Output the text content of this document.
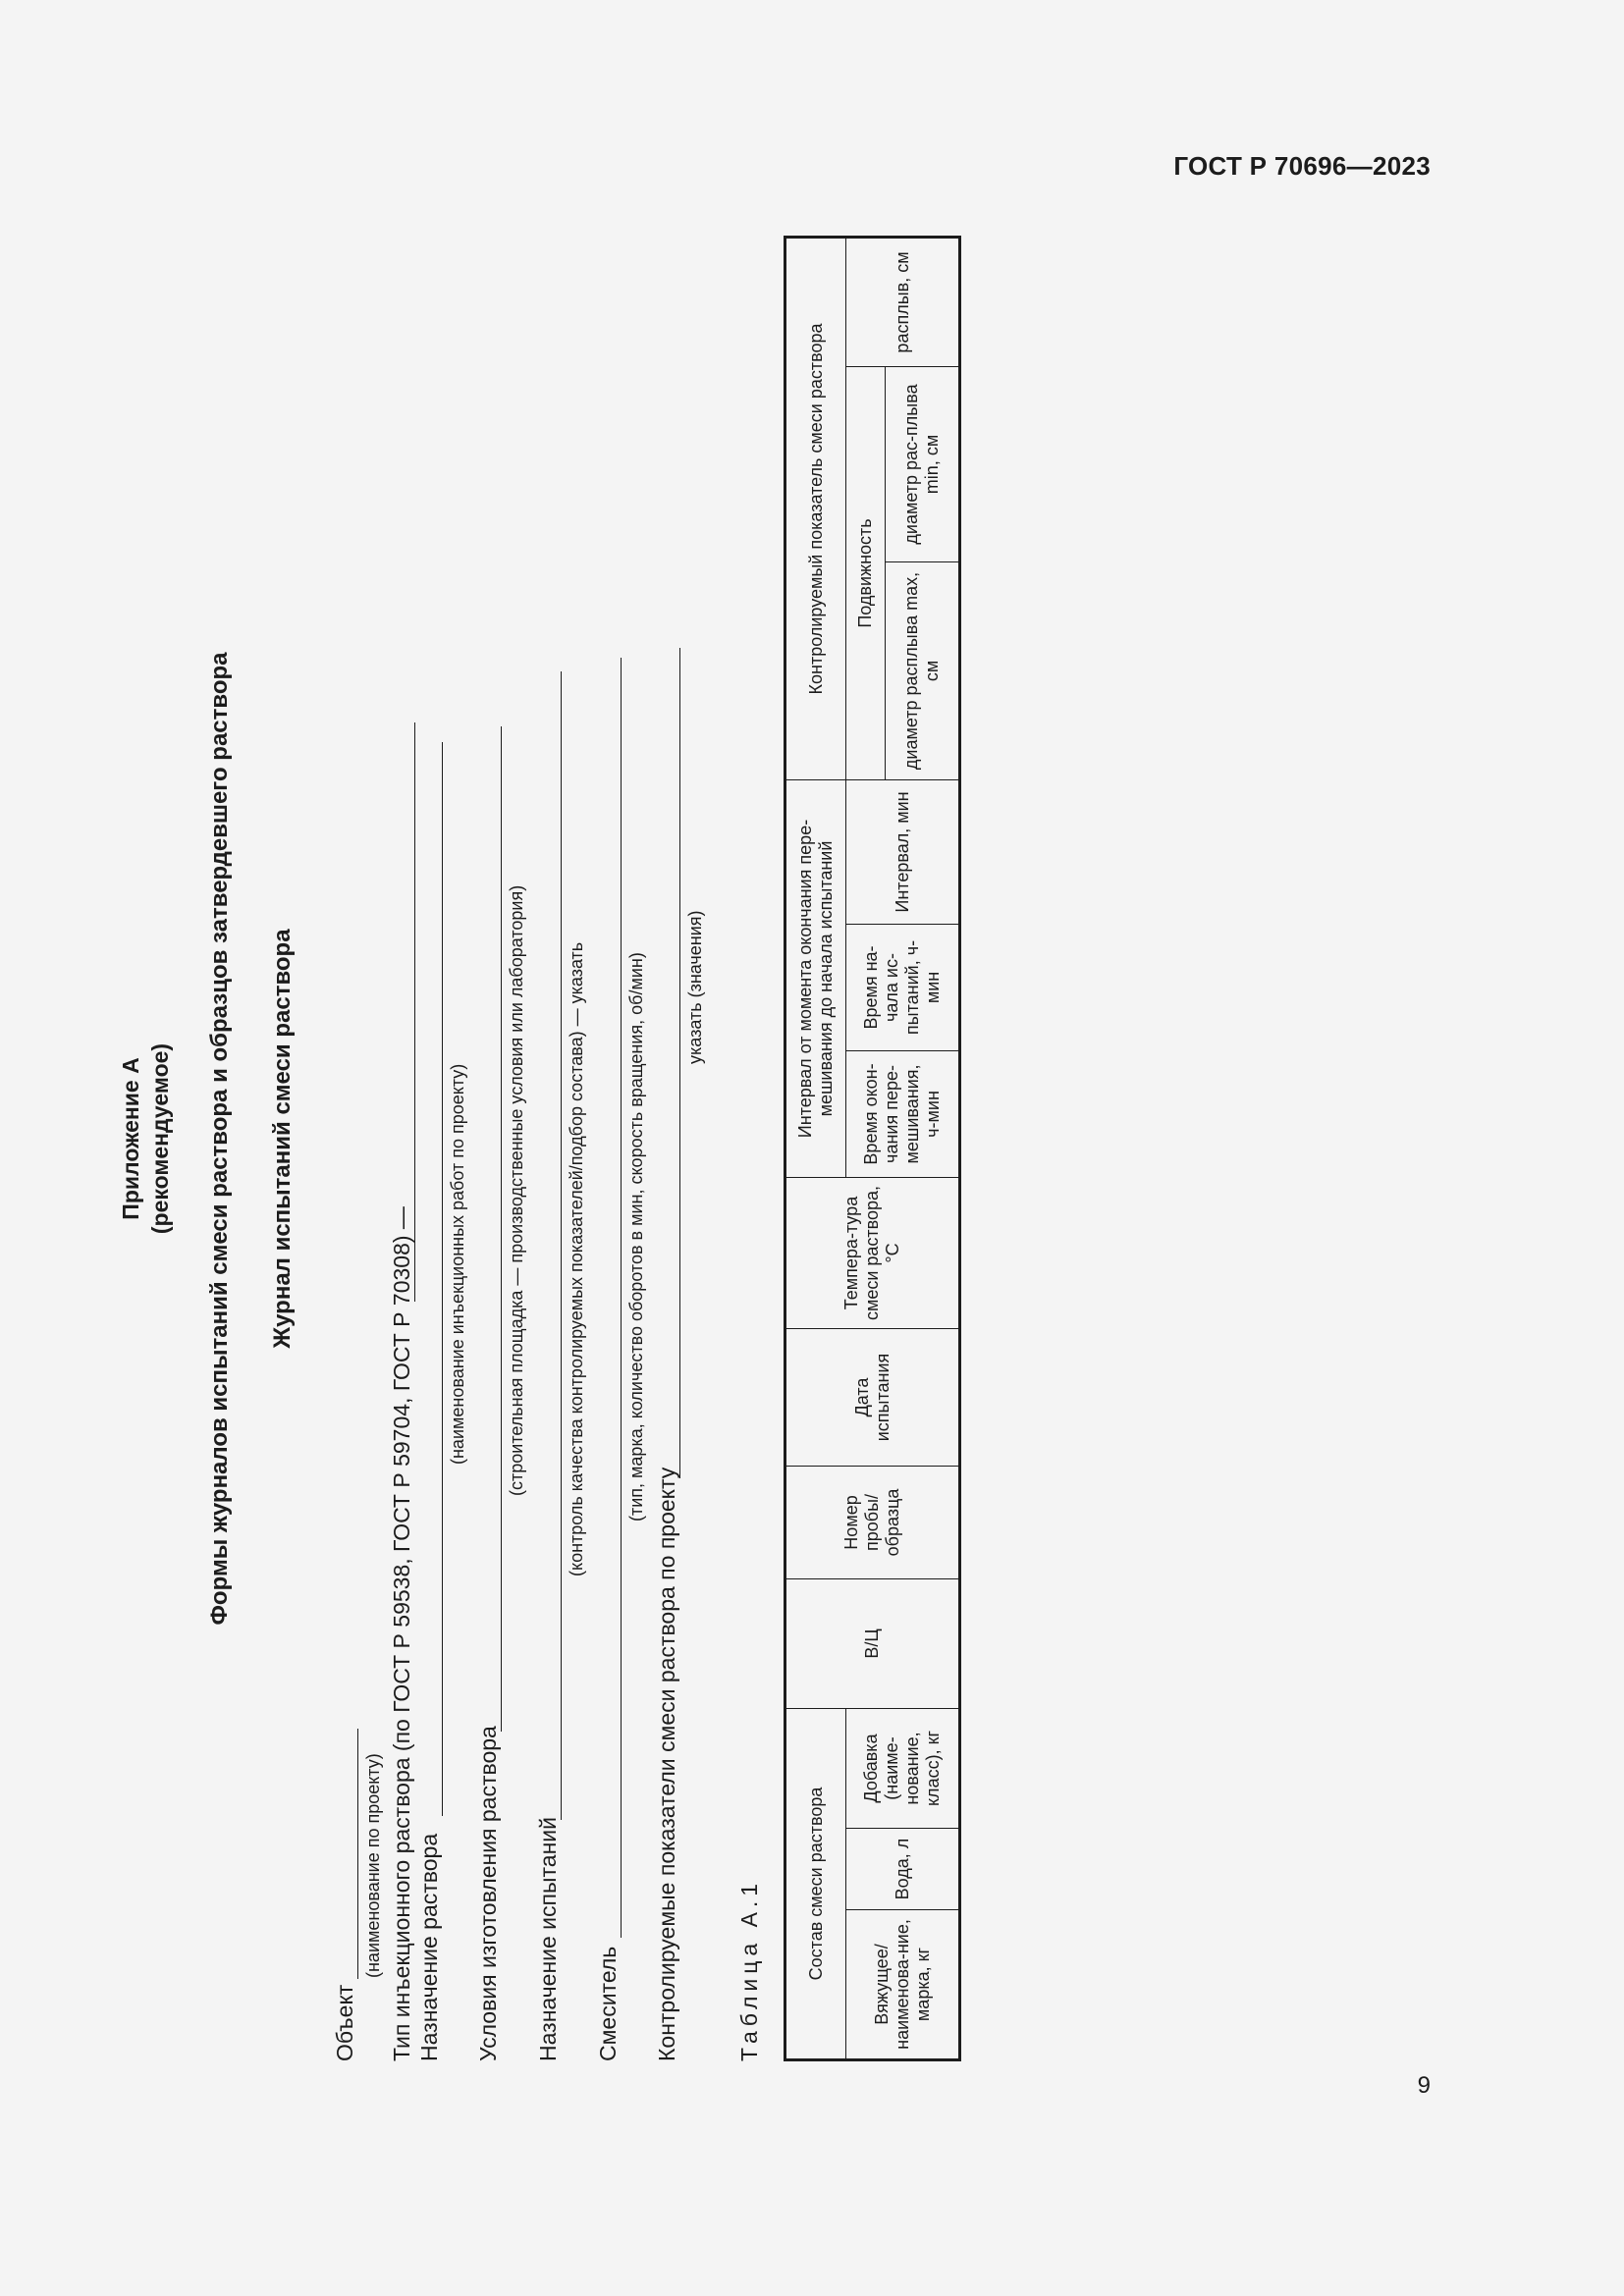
ГОСТ Р 70696—2023
9
Приложение А (рекомендуемое) Формы журналов испытаний смеси раствора и образцов затвердевшего раствора Журнал испытаний смеси раствора
Объект
(наименование по проекту) Тип инъекционного раствора (по ГОСТ Р 59538, ГОСТ Р 59704, ГОСТ Р 70308) — Назначение раствора
(наименование инъекционных работ по проекту)
Условия изготовления раствора
(строительная площадка — производственные условия или лаборатория)
Назначение испытаний
(контроль качества контролируемых показателей/подбор состава) — указать
Смеситель
(тип, марка, количество оборотов в мин, скорость вращения, об/мин)
Контролируемые показатели смеси раствора по проекту
указать (значения)
Таблица А.1 Состав смеси раствора			В/Ц	Номер пробы/ образца	Дата испытания	Темпера-тура смеси раствора, °С	Интервал от момента окончания пере-мешивания до начала испытаний			Контролируемый показатель смеси раствора		
Вяжущее/ наименова-ние, марка, кг	Вода, л	Добавка (наиме-нование, класс), кг					Время окон-чания пере-мешивания, ч-мин	Время на-чала ис-пытаний, ч-мин	Интервал, мин	Подвижность		расплыв, см
										диаметр расплыва max, см	диаметр рас-плыва min, см	
